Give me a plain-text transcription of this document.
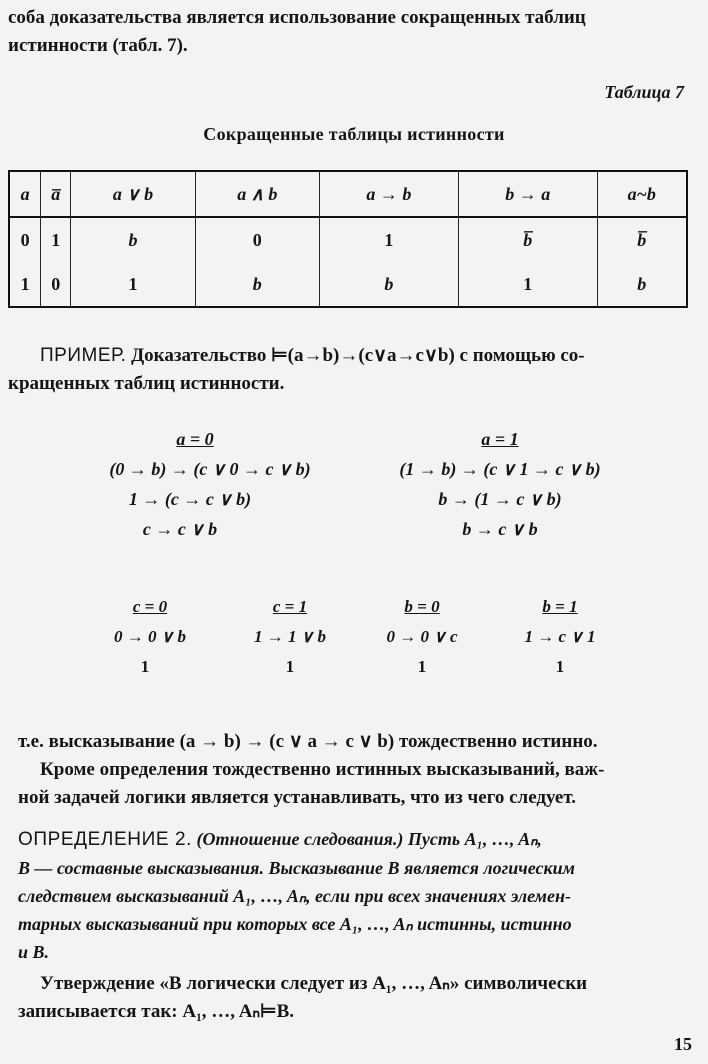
соба доказательства является использование сокращенных таблиц
истинности (табл. 7).
Таблица 7
Сокращенные таблицы истинности
a	a̅	a ∨ b	a ∧ b	a → b	b → a	a~b
0	1	b	0	1	b̅	b̅
1	0	1	b	b	1	b
ПРИМЕР. Доказательство ⊨(a→b)→(c∨a→c∨b) с помощью со-
кращенных таблиц истинности.
a = 0
(0 → b) → (c ∨ 0 → c ∨ b)
1 → (c → c ∨ b)
c → c ∨ b
a = 1
(1 → b) → (c ∨ 1 → c ∨ b)
b → (1 → c ∨ b)
b → c ∨ b
c = 0
0 → 0 ∨ b
1
c = 1
1 → 1 ∨ b
1
b = 0
0 → 0 ∨ c
1
b = 1
1 → c ∨ 1
1
т.е. высказывание (a → b) → (c ∨ a → c ∨ b) тождественно истинно.
Кроме определения тождественно истинных высказываний, важ-
ной задачей логики является устанавливать, что из чего следует.
ОПРЕДЕЛЕНИЕ 2. (Отношение следования.) Пусть A₁, …, Aₙ,
B — составные высказывания. Высказывание B является логическим
следствием высказываний A₁, …, Aₙ, если при всех значениях элемен-
тарных высказываний при которых все A₁, …, Aₙ истинны, истинно
и B.
Утверждение «B логически следует из A₁, …, Aₙ» символически
записывается так: A₁, …, Aₙ⊨B.
15
